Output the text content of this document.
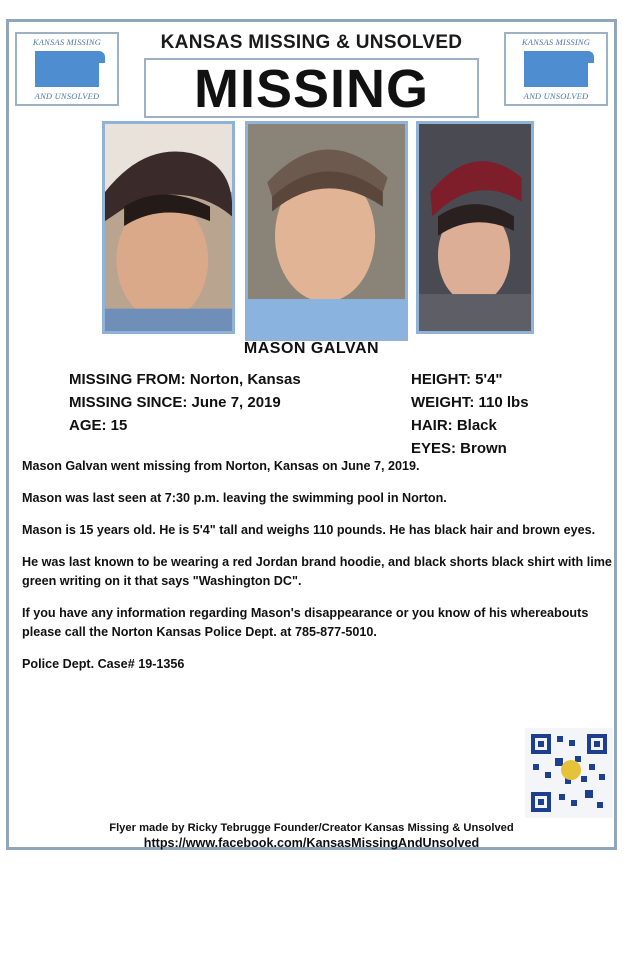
KANSAS MISSING
AND UNSOLVED
KANSAS MISSING & UNSOLVED
MISSING
KANSAS MISSING
AND UNSOLVED
MASON GALVAN
MISSING FROM: Norton, Kansas
MISSING SINCE: June 7, 2019
AGE: 15
HEIGHT: 5'4"
WEIGHT: 110 lbs
HAIR: Black
EYES: Brown

Mason Galvan went missing from Norton, Kansas on June 7, 2019.

Mason was last seen at 7:30 p.m. leaving the swimming pool in Norton.

Mason is 15 years old. He is 5'4" tall and weighs 110 pounds. He has black hair and brown eyes.

He was last known to be wearing a red Jordan brand hoodie, and black shorts black shirt with lime green writing on it that says "Washington DC".

If you have any information regarding Mason's disappearance or you know of his whereabouts please call the Norton Kansas Police Dept. at 785-877-5010.

Police Dept. Case# 19-1356

Flyer made by Ricky Tebrugge Founder/Creator Kansas Missing & Unsolved
https://www.facebook.com/KansasMissingAndUnsolved
